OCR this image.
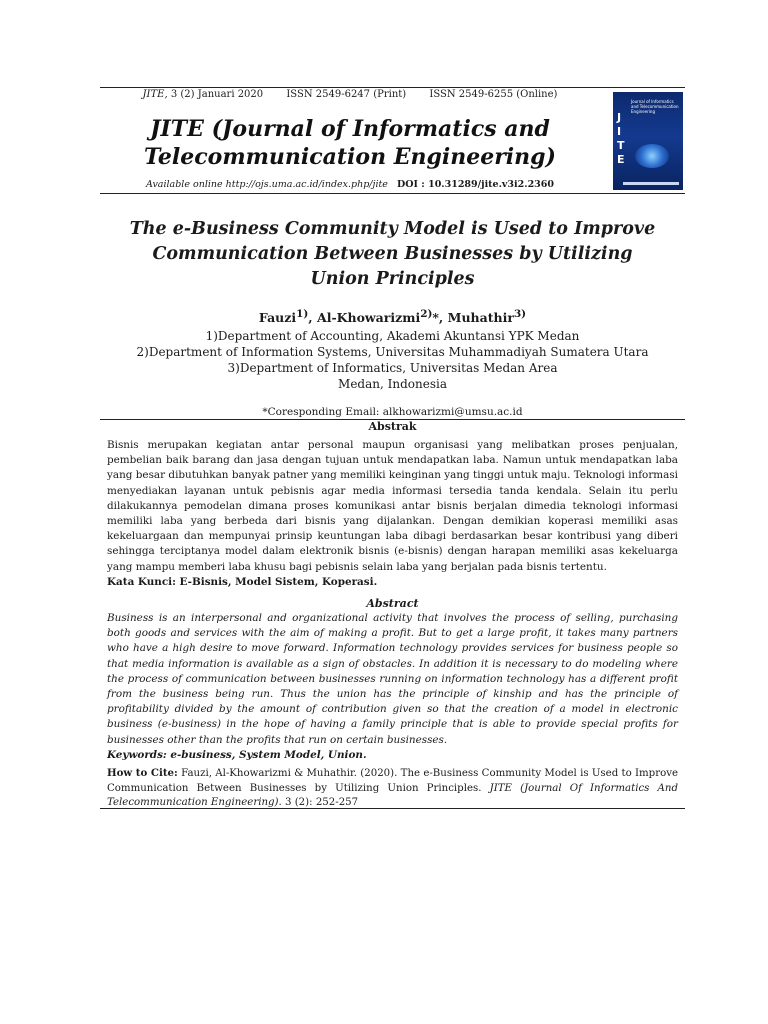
JITE, 3 (2) Januari 2020 ISSN 2549-6247 (Print) ISSN 2549-6255 (Online)
JITE (Journal of Informatics and
Telecommunication Engineering)
Available online http://ojs.uma.ac.id/index.php/jite DOI : 10.31289/jite.v3i2.2360
Journal of Informatics and Telecommunication Engineering
J
I
T
E
The e-Business Community Model is Used to Improve
Communication Between Businesses by Utilizing
Union Principles
Fauzi$^{1)}$, Al-Khowarizmi$^{2)}$*, Muhathir$^{3)}$
1)Department of Accounting, Akademi Akuntansi YPK Medan
2)Department of Information Systems, Universitas Muhammadiyah Sumatera Utara
3)Department of Informatics, Universitas Medan Area
Medan, Indonesia
*Coresponding Email: alkhowarizmi@umsu.ac.id
Abstrak
Bisnis merupakan kegiatan antar personal maupun organisasi yang melibatkan proses penjualan, pembelian baik barang dan jasa dengan tujuan untuk mendapatkan laba. Namun untuk mendapatkan laba yang besar dibutuhkan banyak patner yang memiliki keinginan yang tinggi untuk maju. Teknologi informasi menyediakan layanan untuk pebisnis agar media informasi tersedia tanda kendala. Selain itu perlu dilakukannya pemodelan dimana proses komunikasi antar bisnis berjalan dimedia teknologi informasi memiliki laba yang berbeda dari bisnis yang dijalankan. Dengan demikian koperasi memiliki asas kekeluargaan dan mempunyai prinsip keuntungan laba dibagi berdasarkan besar kontribusi yang diberi sehingga terciptanya model dalam elektronik bisnis (e-bisnis) dengan harapan memiliki asas kekeluarga yang mampu memberi laba khusu bagi pebisnis selain laba yang berjalan pada bisnis tertentu.
Kata Kunci: E-Bisnis, Model Sistem, Koperasi.
Abstract
Business is an interpersonal and organizational activity that involves the process of selling, purchasing both goods and services with the aim of making a profit. But to get a large profit, it takes many partners who have a high desire to move forward. Information technology provides services for business people so that media information is available as a sign of obstacles. In addition it is necessary to do modeling where the process of communication between businesses running on information technology has a different profit from the business being run. Thus the union has the principle of kinship and has the principle of profitability divided by the amount of contribution given so that the creation of a model in electronic business (e-business) in the hope of having a family principle that is able to provide special profits for businesses other than the profits that run on certain businesses.
Keywords: e-business, System Model, Union.
How to Cite: Fauzi, Al-Khowarizmi & Muhathir. (2020). The e-Business Community Model is Used to Improve Communication Between Businesses by Utilizing Union Principles. JITE (Journal Of Informatics And Telecommunication Engineering). 3 (2): 252-257
